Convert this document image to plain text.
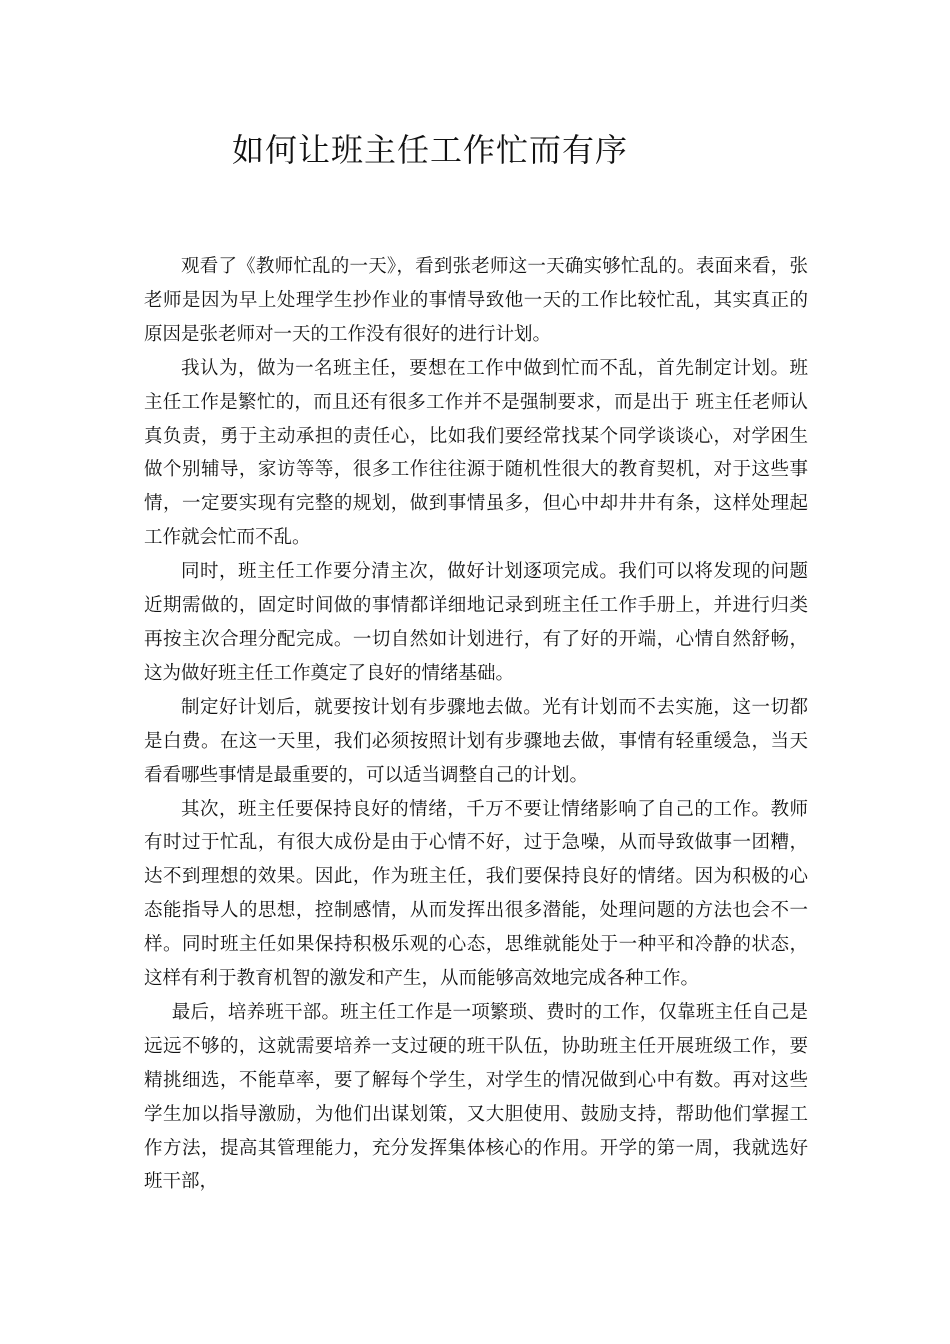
如何让班主任工作忙而有序

观看了《教师忙乱的一天》，看到张老师这一天确实够忙乱的。表面来看，张老师是因为早上处理学生抄作业的事情导致他一天的工作比较忙乱，其实真正的原因是张老师对一天的工作没有很好的进行计划。

我认为，做为一名班主任，要想在工作中做到忙而不乱，首先制定计划。班主任工作是繁忙的，而且还有很多工作并不是强制要求，而是出于 班主任老师认真负责，勇于主动承担的责任心，比如我们要经常找某个同学谈谈心，对学困生做个别辅导，家访等等，很多工作往往源于随机性很大的教育契机，对于这些事情，一定要实现有完整的规划，做到事情虽多，但心中却井井有条，这样处理起工作就会忙而不乱。

同时，班主任工作要分清主次，做好计划逐项完成。我们可以将发现的问题近期需做的，固定时间做的事情都详细地记录到班主任工作手册上，并进行归类再按主次合理分配完成。一切自然如计划进行，有了好的开端，心情自然舒畅，这为做好班主任工作奠定了良好的情绪基础。

制定好计划后，就要按计划有步骤地去做。光有计划而不去实施，这一切都是白费。在这一天里，我们必须按照计划有步骤地去做，事情有轻重缓急，当天看看哪些事情是最重要的，可以适当调整自己的计划。

其次，班主任要保持良好的情绪，千万不要让情绪影响了自己的工作。教师有时过于忙乱，有很大成份是由于心情不好，过于急噪，从而导致做事一团糟，达不到理想的效果。因此，作为班主任，我们要保持良好的情绪。因为积极的心态能指导人的思想，控制感情，从而发挥出很多潜能，处理问题的方法也会不一样。同时班主任如果保持积极乐观的心态，思维就能处于一种平和冷静的状态，这样有利于教育机智的激发和产生，从而能够高效地完成各种工作。

最后，培养班干部。班主任工作是一项繁琐、费时的工作，仅靠班主任自己是远远不够的，这就需要培养一支过硬的班干队伍，协助班主任开展班级工作，要精挑细选，不能草率，要了解每个学生，对学生的情况做到心中有数。再对这些学生加以指导激励，为他们出谋划策，又大胆使用、鼓励支持，帮助他们掌握工作方法，提高其管理能力，充分发挥集体核心的作用。开学的第一周，我就选好班干部，
